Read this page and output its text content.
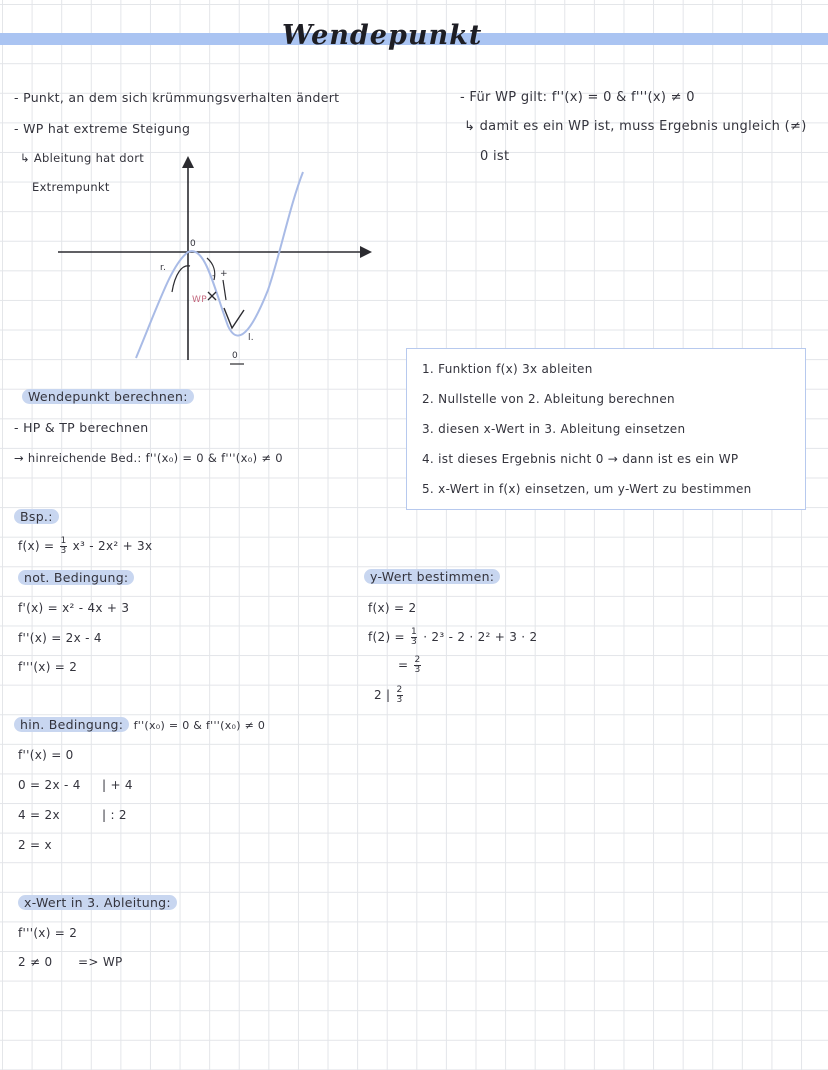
Wendepunkt
- Punkt, an dem sich krümmungsverhalten ändert
- WP hat extreme Steigung
↳ Ableitung hat dort
Extrempunkt
- Für WP gilt: f''(x) = 0 & f'''(x) ≠ 0
↳ damit es ein WP ist, muss Ergebnis ungleich (≠)
0 ist
0
r.
WP
- +
l.
0
Wendepunkt berechnen:
- HP & TP berechnen
→ hinreichende Bed.: f''(x₀) = 0 & f'''(x₀) ≠ 0
1. Funktion f(x) 3x ableiten
2. Nullstelle von 2. Ableitung berechnen
3. diesen x-Wert in 3. Ableitung einsetzen
4. ist dieses Ergebnis nicht 0 → dann ist es ein WP
5. x-Wert in f(x) einsetzen, um y-Wert zu bestimmen
Bsp.:
$f(x) = \frac{1}{3} x^3 - 2x^2 + 3x$
not. Bedingung:
f'(x) = x² - 4x + 3
f''(x) = 2x - 4
f'''(x) = 2
hin. Bedingung: f''(x₀) = 0 & f'''(x₀) ≠ 0
f''(x) = 0
0 = 2x - 4
4 = 2x
2 = x
| + 4
| : 2
x-Wert in 3. Ableitung:
f'''(x) = 2
2 ≠ 0 => WP
y-Wert bestimmen:
f(x) = 2
$f(2) = \frac{1}{3} \cdot 2^3 - 2 \cdot 2^2 + 3 \cdot 2$
= $\frac{2}{3}$
2 | $\frac{2}{3}$
